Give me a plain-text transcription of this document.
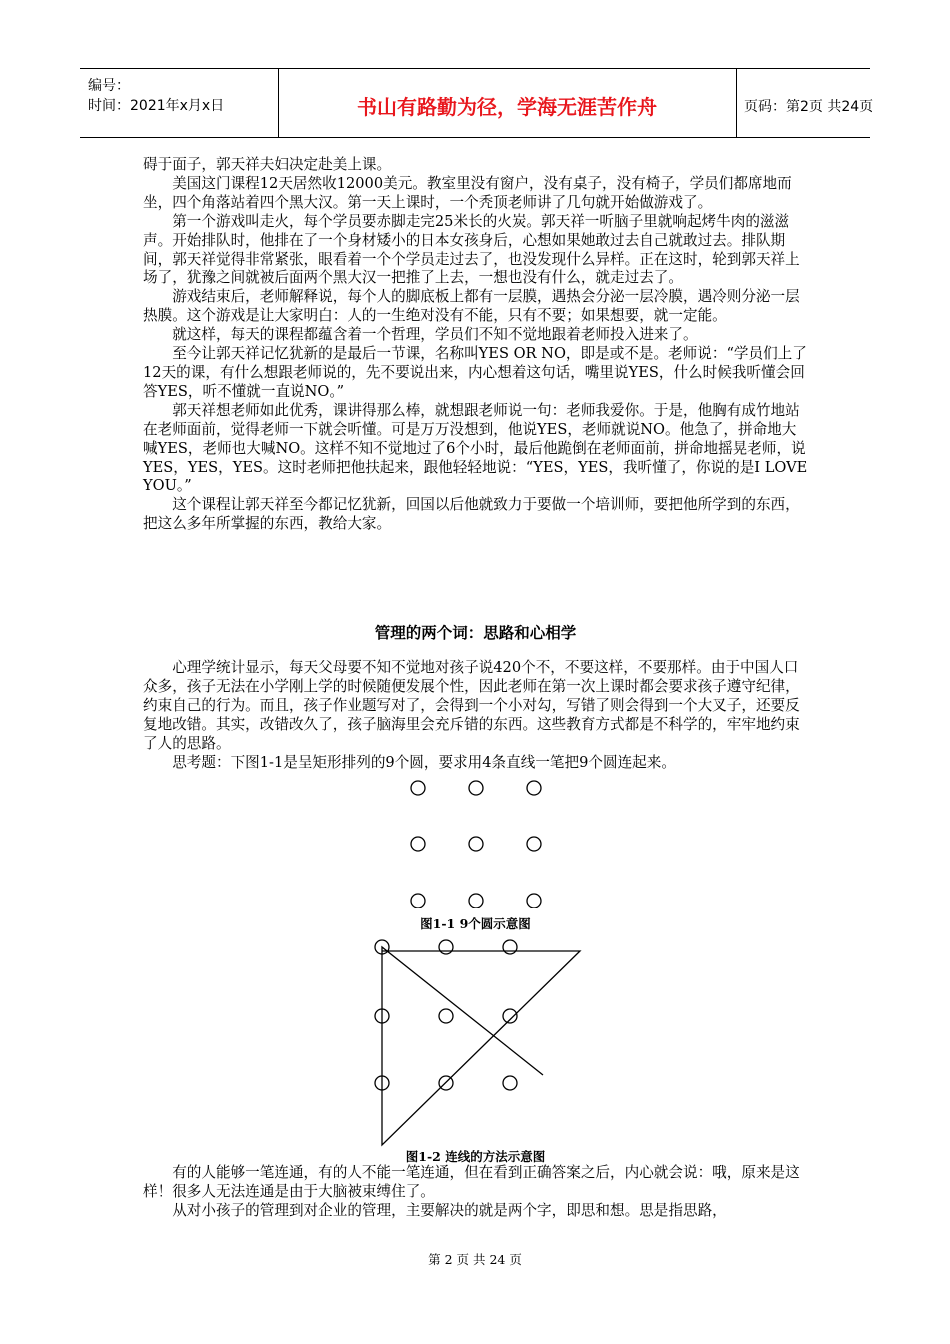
编号：
时间：2021年x月x日	书山有路勤为径，学海无涯苦作舟	页码：第2页 共24页

碍于面子，郭天祥夫妇决定赴美上课。

美国这门课程12天居然收12000美元。教室里没有窗户，没有桌子，没有椅子，学员们都席地而坐，四个角落站着四个黑大汉。第一天上课时，一个秃顶老师讲了几句就开始做游戏了。

第一个游戏叫走火，每个学员要赤脚走完25米长的火炭。郭天祥一听脑子里就响起烤牛肉的滋滋声。开始排队时，他排在了一个身材矮小的日本女孩身后，心想如果她敢过去自己就敢过去。排队期间，郭天祥觉得非常紧张，眼看着一个个学员走过去了，也没发现什么异样。正在这时，轮到郭天祥上场了，犹豫之间就被后面两个黑大汉一把推了上去，一想也没有什么，就走过去了。

游戏结束后，老师解释说，每个人的脚底板上都有一层膜，遇热会分泌一层冷膜，遇冷则分泌一层热膜。这个游戏是让大家明白：人的一生绝对没有不能，只有不要；如果想要，就一定能。

就这样，每天的课程都蕴含着一个哲理，学员们不知不觉地跟着老师投入进来了。

至今让郭天祥记忆犹新的是最后一节课，名称叫YES OR NO，即是或不是。老师说：“学员们上了12天的课，有什么想跟老师说的，先不要说出来，内心想着这句话，嘴里说YES，什么时候我听懂会回答YES，听不懂就一直说NO。”

郭天祥想老师如此优秀，课讲得那么棒，就想跟老师说一句：老师我爱你。于是，他胸有成竹地站在老师面前，觉得老师一下就会听懂。可是万万没想到，他说YES，老师就说NO。他急了，拼命地大喊YES，老师也大喊NO。这样不知不觉地过了6个小时，最后他跪倒在老师面前，拼命地摇晃老师，说YES，YES，YES。这时老师把他扶起来，跟他轻轻地说：“YES，YES，我听懂了，你说的是I LOVE YOU。”

这个课程让郭天祥至今都记忆犹新，回国以后他就致力于要做一个培训师，要把他所学到的东西，把这么多年所掌握的东西，教给大家。

管理的两个词：思路和心相学

心理学统计显示，每天父母要不知不觉地对孩子说420个不，不要这样，不要那样。由于中国人口众多，孩子无法在小学刚上学的时候随便发展个性，因此老师在第一次上课时都会要求孩子遵守纪律，约束自己的行为。而且，孩子作业题写对了，会得到一个小对勾，写错了则会得到一个大叉子，还要反复地改错。其实，改错改久了，孩子脑海里会充斥错的东西。这些教育方式都是不科学的，牢牢地约束了人的思路。

思考题：下图1-1是呈矩形排列的9个圆，要求用4条直线一笔把9个圆连起来。

图1-1 9个圆示意图
图1-2 连线的方法示意图

有的人能够一笔连通，有的人不能一笔连通，但在看到正确答案之后，内心就会说：哦，原来是这样！很多人无法连通是由于大脑被束缚住了。

从对小孩子的管理到对企业的管理，主要解决的就是两个字，即思和想。思是指思路，

第 2 页 共 24 页
